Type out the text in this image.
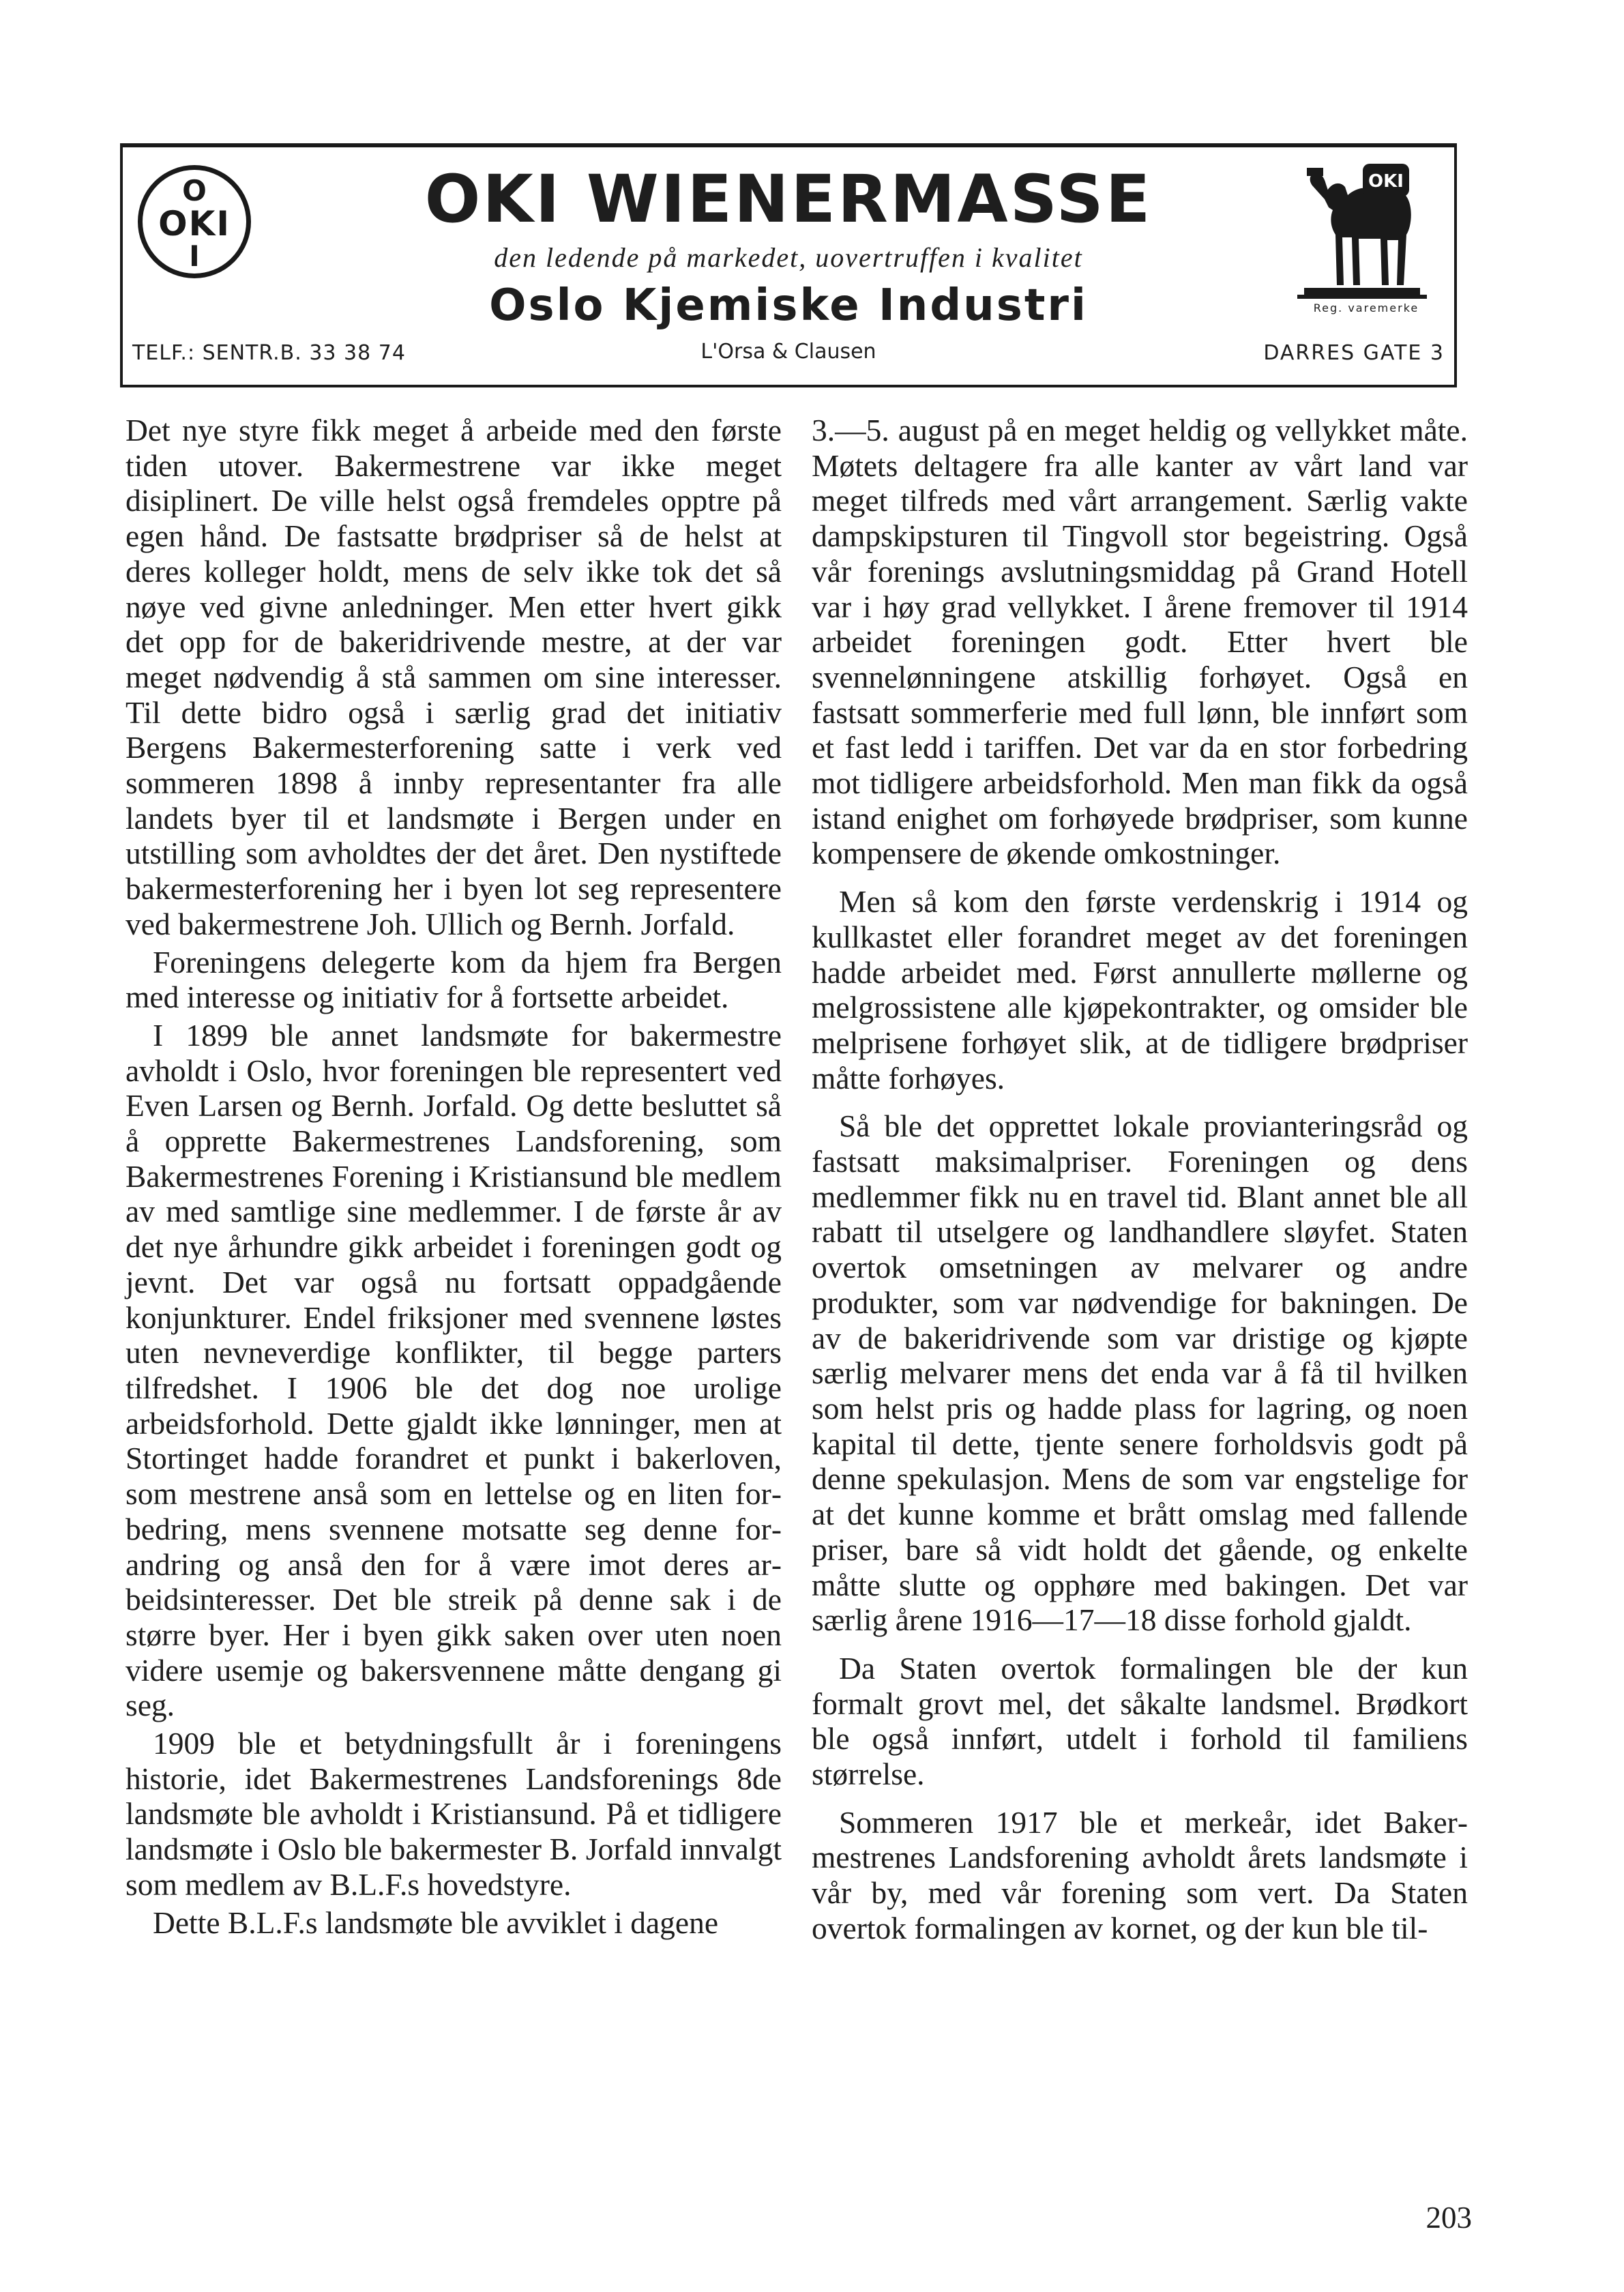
O
OKI
I
OKI WIENERMASSE
den ledende på markedet, uovertruffen i kvalitet
Oslo Kjemiske Industri
L'Orsa & Clausen
TELF.: SENTR.B. 33 38 74	DARRES GATE 3
OKI
Reg. varemerke

Det nye styre fikk meget å arbeide med den første tiden utover. Bakermestrene var ikke meget disiplinert. De ville helst også fremdeles opptre på egen hånd. De fastsatte brødpriser så de helst at deres kolleger holdt, mens de selv ikke tok det så nøye ved givne anledninger. Men etter hvert gikk det opp for de bakeridrivende mestre, at der var meget nødvendig å stå sammen om sine interesser. Til dette bidro også i særlig grad det initiativ Bergens Bakermesterforening satte i verk ved sommeren 1898 å innby representanter fra alle landets byer til et landsmøte i Bergen under en utstilling som avholdtes der det året. Den nystiftede bakermesterforening her i byen lot seg representere ved bakermestrene Joh. Ullich og Bernh. Jorfald.

Foreningens delegerte kom da hjem fra Bergen med interesse og initiativ for å fortsette arbeidet.

I 1899 ble annet landsmøte for bakermestre avholdt i Oslo, hvor foreningen ble representert ved Even Larsen og Bernh. Jorfald. Og dette besluttet så å opprette Bakermestrenes Landsforening, som Bakermestrenes Forening i Kristiansund ble medlem av med samtlige sine medlemmer. I de første år av det nye århundre gikk arbeidet i foreningen godt og jevnt. Det var også nu fortsatt oppadgående konjunkturer. Endel friksjoner med svennene løstes uten nevneverdige konflikter, til begge parters tilfredshet. I 1906 ble det dog noe urolige arbeidsforhold. Dette gjaldt ikke lønninger, men at Stortinget hadde forandret et punkt i bakerloven, som mestrene anså som en lettelse og en liten forbedring, mens svennene motsatte seg denne forandring og anså den for å være imot deres arbeidsinteresser. Det ble streik på denne sak i de større byer. Her i byen gikk saken over uten noen videre usemje og bakersvennene måtte dengang gi seg.

1909 ble et betydningsfullt år i foreningens historie, idet Bakermestrenes Landsforenings 8de landsmøte ble avholdt i Kristiansund. På et tidligere landsmøte i Oslo ble bakermester B. Jorfald innvalgt som medlem av B.L.F.s hovedstyre.

Dette B.L.F.s landsmøte ble avviklet i dagene

3.—5. august på en meget heldig og vellykket måte. Møtets deltagere fra alle kanter av vårt land var meget tilfreds med vårt arrangement. Særlig vakte dampskipsturen til Tingvoll stor begeistring. Også vår forenings avslutningsmiddag på Grand Hotell var i høy grad vellykket. I årene fremover til 1914 arbeidet foreningen godt. Etter hvert ble svennelønningene atskillig forhøyet. Også en fastsatt sommerferie med full lønn, ble innført som et fast ledd i tariffen. Det var da en stor forbedring mot tidligere arbeidsforhold. Men man fikk da også istand enighet om forhøyede brødpriser, som kunne kompensere de økende omkostninger.

Men så kom den første verdenskrig i 1914 og kullkastet eller forandret meget av det foreningen hadde arbeidet med. Først annullerte møllerne og melgrossistene alle kjøpekontrakter, og omsider ble melprisene forhøyet slik, at de tidligere brødpriser måtte forhøyes.

Så ble det opprettet lokale provianteringsråd og fastsatt maksimalpriser. Foreningen og dens medlemmer fikk nu en travel tid. Blant annet ble all rabatt til utselgere og landhandlere sløyfet. Staten overtok omsetningen av melvarer og andre produkter, som var nødvendige for bakningen. De av de bakeridrivende som var dristige og kjøpte særlig melvarer mens det enda var å få til hvilken som helst pris og hadde plass for lagring, og noen kapital til dette, tjente senere forholdsvis godt på denne spekulasjon. Mens de som var engstelige for at det kunne komme et brått omslag med fallende priser, bare så vidt holdt det gående, og enkelte måtte slutte og opphøre med bakingen. Det var særlig årene 1916—17—18 disse forhold gjaldt.

Da Staten overtok formalingen ble der kun formalt grovt mel, det såkalte landsmel. Brødkort ble også innført, utdelt i forhold til familiens størrelse.

Sommeren 1917 ble et merkeår, idet Bakermestrenes Landsforening avholdt årets landsmøte i vår by, med vår forening som vert. Da Staten overtok formalingen av kornet, og der kun ble til-

203
